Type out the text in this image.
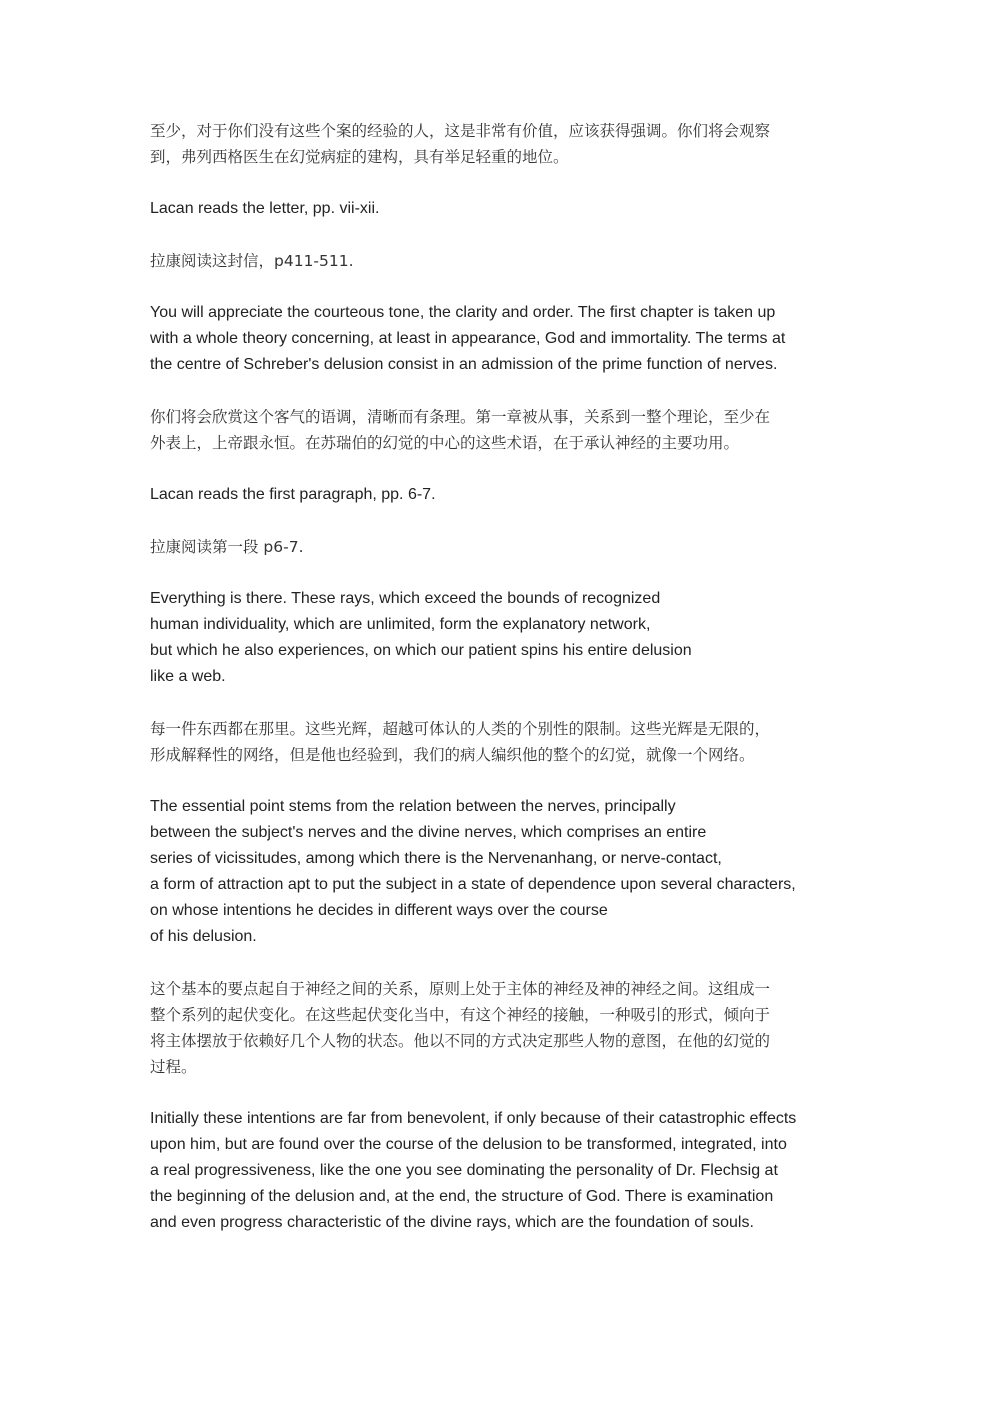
至少，对于你们没有这些个案的经验的人，这是非常有价值，应该获得强调。你们将会观察
到，弗列西格医生在幻觉病症的建构，具有举足轻重的地位。

Lacan reads the letter, pp. vii-xii.

拉康阅读这封信，p411-511.

You will appreciate the courteous tone, the clarity and order. The first chapter is taken up
with a whole theory concerning, at least in appearance, God and immortality. The terms at
the centre of Schreber's delusion consist in an admission of the prime function of nerves.

你们将会欣赏这个客气的语调，清晰而有条理。第一章被从事，关系到一整个理论，至少在
外表上，上帝跟永恒。在苏瑞伯的幻觉的中心的这些术语，在于承认神经的主要功用。

Lacan reads the first paragraph, pp. 6-7.

拉康阅读第一段 p6-7.

Everything is there. These rays, which exceed the bounds of recognized
human individuality, which are unlimited, form the explanatory network,
but which he also experiences, on which our patient spins his entire delusion
like a web.

每一件东西都在那里。这些光辉，超越可体认的人类的个别性的限制。这些光辉是无限的，
形成解释性的网络，但是他也经验到，我们的病人编织他的整个的幻觉，就像一个网络。

The essential point stems from the relation between the nerves, principally
between the subject's nerves and the divine nerves, which comprises an entire
series of vicissitudes, among which there is the Nervenanhang, or nerve-contact,
a form of attraction apt to put the subject in a state of dependence upon several characters,
on whose intentions he decides in different ways over the course
of his delusion.

这个基本的要点起自于神经之间的关系，原则上处于主体的神经及神的神经之间。这组成一
整个系列的起伏变化。在这些起伏变化当中，有这个神经的接触，一种吸引的形式，倾向于
将主体摆放于依赖好几个人物的状态。他以不同的方式决定那些人物的意图，在他的幻觉的
过程。

Initially these intentions are far from benevolent, if only because of their catastrophic effects
upon him, but are found over the course of the delusion to be transformed, integrated, into
a real progressiveness, like the one you see dominating the personality of Dr. Flechsig at
the beginning of the delusion and, at the end, the structure of God. There is examination
and even progress characteristic of the divine rays, which are the foundation of souls.
